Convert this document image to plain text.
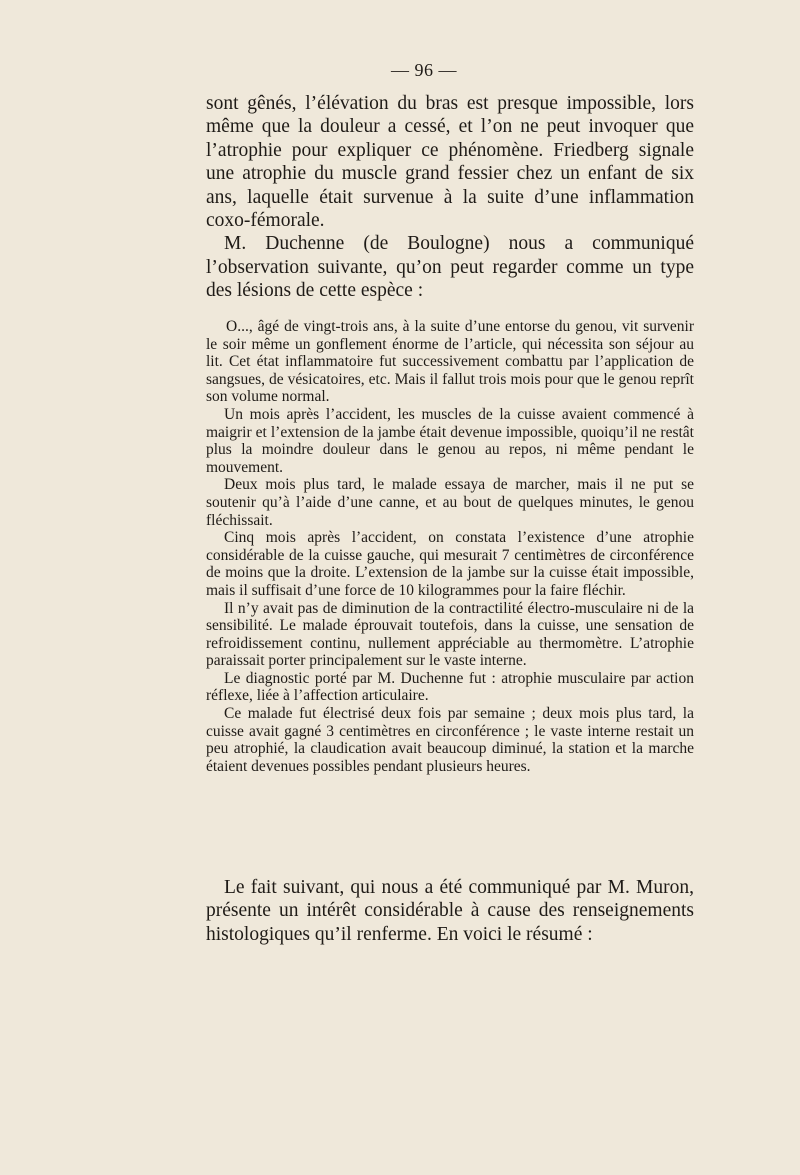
— 96 —

sont gênés, l’élévation du bras est presque impossible, lors même que la douleur a cessé, et l’on ne peut invoquer que l’atrophie pour expliquer ce phénomène. Friedberg signale une atrophie du muscle grand fessier chez un enfant de six ans, laquelle était survenue à la suite d’une inflammation coxo-fémorale.

M. Duchenne (de Boulogne) nous a communiqué l’observation suivante, qu’on peut regarder comme un type des lésions de cette espèce :

O..., âgé de vingt-trois ans, à la suite d’une entorse du genou, vit survenir le soir même un gonflement énorme de l’article, qui nécessita son séjour au lit. Cet état inflammatoire fut successivement combattu par l’application de sangsues, de vésicatoires, etc. Mais il fallut trois mois pour que le genou reprît son volume normal.

Un mois après l’accident, les muscles de la cuisse avaient commencé à maigrir et l’extension de la jambe était devenue impossible, quoiqu’il ne restât plus la moindre douleur dans le genou au repos, ni même pendant le mouvement.

Deux mois plus tard, le malade essaya de marcher, mais il ne put se soutenir qu’à l’aide d’une canne, et au bout de quelques minutes, le genou fléchissait.

Cinq mois après l’accident, on constata l’existence d’une atrophie considérable de la cuisse gauche, qui mesurait 7 centimètres de circonférence de moins que la droite. L’extension de la jambe sur la cuisse était impossible, mais il suffisait d’une force de 10 kilogrammes pour la faire fléchir.

Il n’y avait pas de diminution de la contractilité électro-musculaire ni de la sensibilité. Le malade éprouvait toutefois, dans la cuisse, une sensation de refroidissement continu, nullement appréciable au thermomètre. L’atrophie paraissait porter principalement sur le vaste interne.

Le diagnostic porté par M. Duchenne fut : atrophie musculaire par action réflexe, liée à l’affection articulaire.

Ce malade fut électrisé deux fois par semaine ; deux mois plus tard, la cuisse avait gagné 3 centimètres en circonférence ; le vaste interne restait un peu atrophié, la claudication avait beaucoup diminué, la station et la marche étaient devenues possibles pendant plusieurs heures.

Le fait suivant, qui nous a été communiqué par M. Muron, présente un intérêt considérable à cause des renseignements histologiques qu’il renferme. En voici le résumé :
